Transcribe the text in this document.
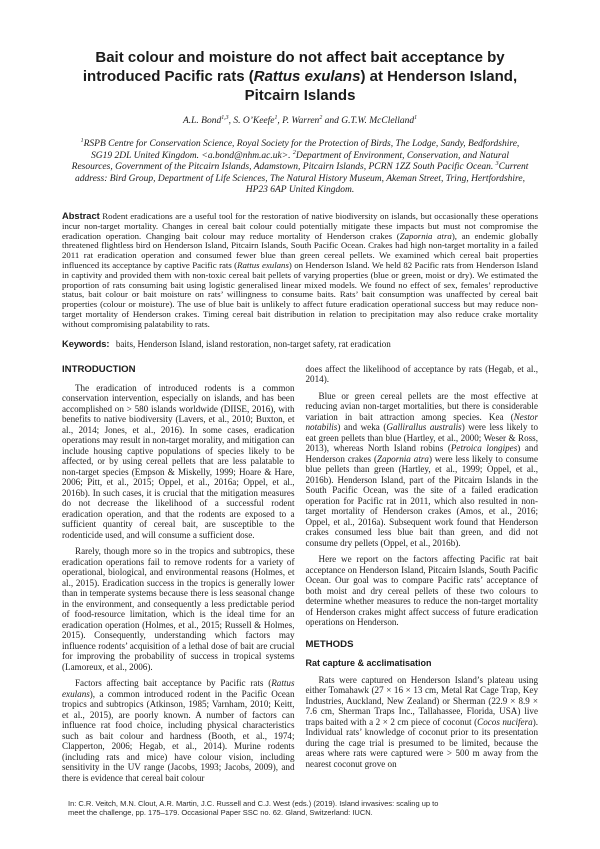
Bait colour and moisture do not affect bait acceptance by introduced Pacific rats (Rattus exulans) at Henderson Island, Pitcairn Islands

A.L. Bond$^{1,3}$, S. O’Keefe$^1$, P. Warren$^2$ and G.T.W. McClelland$^1$

$^1$RSPB Centre for Conservation Science, Royal Society for the Protection of Birds, The Lodge, Sandy, Bedfordshire, SG19 2DL United Kingdom. <a.bond@nhm.ac.uk>. $^2$Department of Environment, Conservation, and Natural Resources, Government of the Pitcairn Islands, Adamstown, Pitcairn Islands, PCRN 1ZZ South Pacific Ocean. $^3$Current address: Bird Group, Department of Life Sciences, The Natural History Museum, Akeman Street, Tring, Hertfordshire, HP23 6AP United Kingdom.

Abstract Rodent eradications are a useful tool for the restoration of native biodiversity on islands, but occasionally these operations incur non-target mortality. Changes in cereal bait colour could potentially mitigate these impacts but must not compromise the eradication operation. Changing bait colour may reduce mortality of Henderson crakes (Zapornia atra), an endemic globally threatened flightless bird on Henderson Island, Pitcairn Islands, South Pacific Ocean. Crakes had high non-target mortality in a failed 2011 rat eradication operation and consumed fewer blue than green cereal pellets. We examined which cereal bait properties influenced its acceptance by captive Pacific rats (Rattus exulans) on Henderson Island. We held 82 Pacific rats from Henderson Island in captivity and provided them with non-toxic cereal bait pellets of varying properties (blue or green, moist or dry). We estimated the proportion of rats consuming bait using logistic generalised linear mixed models. We found no effect of sex, females’ reproductive status, bait colour or bait moisture on rats’ willingness to consume baits. Rats’ bait consumption was unaffected by cereal bait properties (colour or moisture). The use of blue bait is unlikely to affect future eradication operational success but may reduce non-target mortality of Henderson crakes. Timing cereal bait distribution in relation to precipitation may also reduce crake mortality without compromising palatability to rats.

Keywords: baits, Henderson Island, island restoration, non-target safety, rat eradication

INTRODUCTION

The eradication of introduced rodents is a common conservation intervention, especially on islands, and has been accomplished on > 580 islands worldwide (DIISE, 2016), with benefits to native biodiversity (Lavers, et al., 2010; Buxton, et al., 2014; Jones, et al., 2016). In some cases, eradication operations may result in non-target morality, and mitigation can include housing captive populations of species likely to be affected, or by using cereal pellets that are less palatable to non-target species (Empson & Miskelly, 1999; Hoare & Hare, 2006; Pitt, et al., 2015; Oppel, et al., 2016a; Oppel, et al., 2016b). In such cases, it is crucial that the mitigation measures do not decrease the likelihood of a successful rodent eradication operation, and that the rodents are exposed to a sufficient quantity of cereal bait, are susceptible to the rodenticide used, and will consume a sufficient dose.

Rarely, though more so in the tropics and subtropics, these eradication operations fail to remove rodents for a variety of operational, biological, and environmental reasons (Holmes, et al., 2015). Eradication success in the tropics is generally lower than in temperate systems because there is less seasonal change in the environment, and consequently a less predictable period of food-resource limitation, which is the ideal time for an eradication operation (Holmes, et al., 2015; Russell & Holmes, 2015). Consequently, understanding which factors may influence rodents’ acquisition of a lethal dose of bait are crucial for improving the probability of success in tropical systems (Lamoreux, et al., 2006).

Factors affecting bait acceptance by Pacific rats (Rattus exulans), a common introduced rodent in the Pacific Ocean tropics and subtropics (Atkinson, 1985; Varnham, 2010; Keitt, et al., 2015), are poorly known. A number of factors can influence rat food choice, including physical characteristics such as bait colour and hardness (Booth, et al., 1974; Clapperton, 2006; Hegab, et al., 2014). Murine rodents (including rats and mice) have colour vision, including sensitivity in the UV range (Jacobs, 1993; Jacobs, 2009), and there is evidence that cereal bait colour

does affect the likelihood of acceptance by rats (Hegab, et al., 2014).

Blue or green cereal pellets are the most effective at reducing avian non-target mortalities, but there is considerable variation in bait attraction among species. Kea (Nestor notabilis) and weka (Gallirallus australis) were less likely to eat green pellets than blue (Hartley, et al., 2000; Weser & Ross, 2013), whereas North Island robins (Petroica longipes) and Henderson crakes (Zapornia atra) were less likely to consume blue pellets than green (Hartley, et al., 1999; Oppel, et al., 2016b). Henderson Island, part of the Pitcairn Islands in the South Pacific Ocean, was the site of a failed eradication operation for Pacific rat in 2011, which also resulted in non-target mortality of Henderson crakes (Amos, et al., 2016; Oppel, et al., 2016a). Subsequent work found that Henderson crakes consumed less blue bait than green, and did not consume dry pellets (Oppel, et al., 2016b).

Here we report on the factors affecting Pacific rat bait acceptance on Henderson Island, Pitcairn Islands, South Pacific Ocean. Our goal was to compare Pacific rats’ acceptance of both moist and dry cereal pellets of these two colours to determine whether measures to reduce the non-target mortality of Henderson crakes might affect success of future eradication operations on Henderson.

METHODS
Rat capture & acclimatisation

Rats were captured on Henderson Island’s plateau using either Tomahawk (27 × 16 × 13 cm, Metal Rat Cage Trap, Key Industries, Auckland, New Zealand) or Sherman (22.9 × 8.9 × 7.6 cm, Sherman Traps Inc., Tallahassee, Florida, USA) live traps baited with a 2 × 2 cm piece of coconut (Cocos nucifera). Individual rats’ knowledge of coconut prior to its presentation during the cage trial is presumed to be limited, because the areas where rats were captured were > 500 m away from the nearest coconut grove on

In: C.R. Veitch, M.N. Clout, A.R. Martin, J.C. Russell and C.J. West (eds.) (2019). Island invasives: scaling up to meet the challenge, pp. 175–179. Occasional Paper SSC no. 62. Gland, Switzerland: IUCN.
